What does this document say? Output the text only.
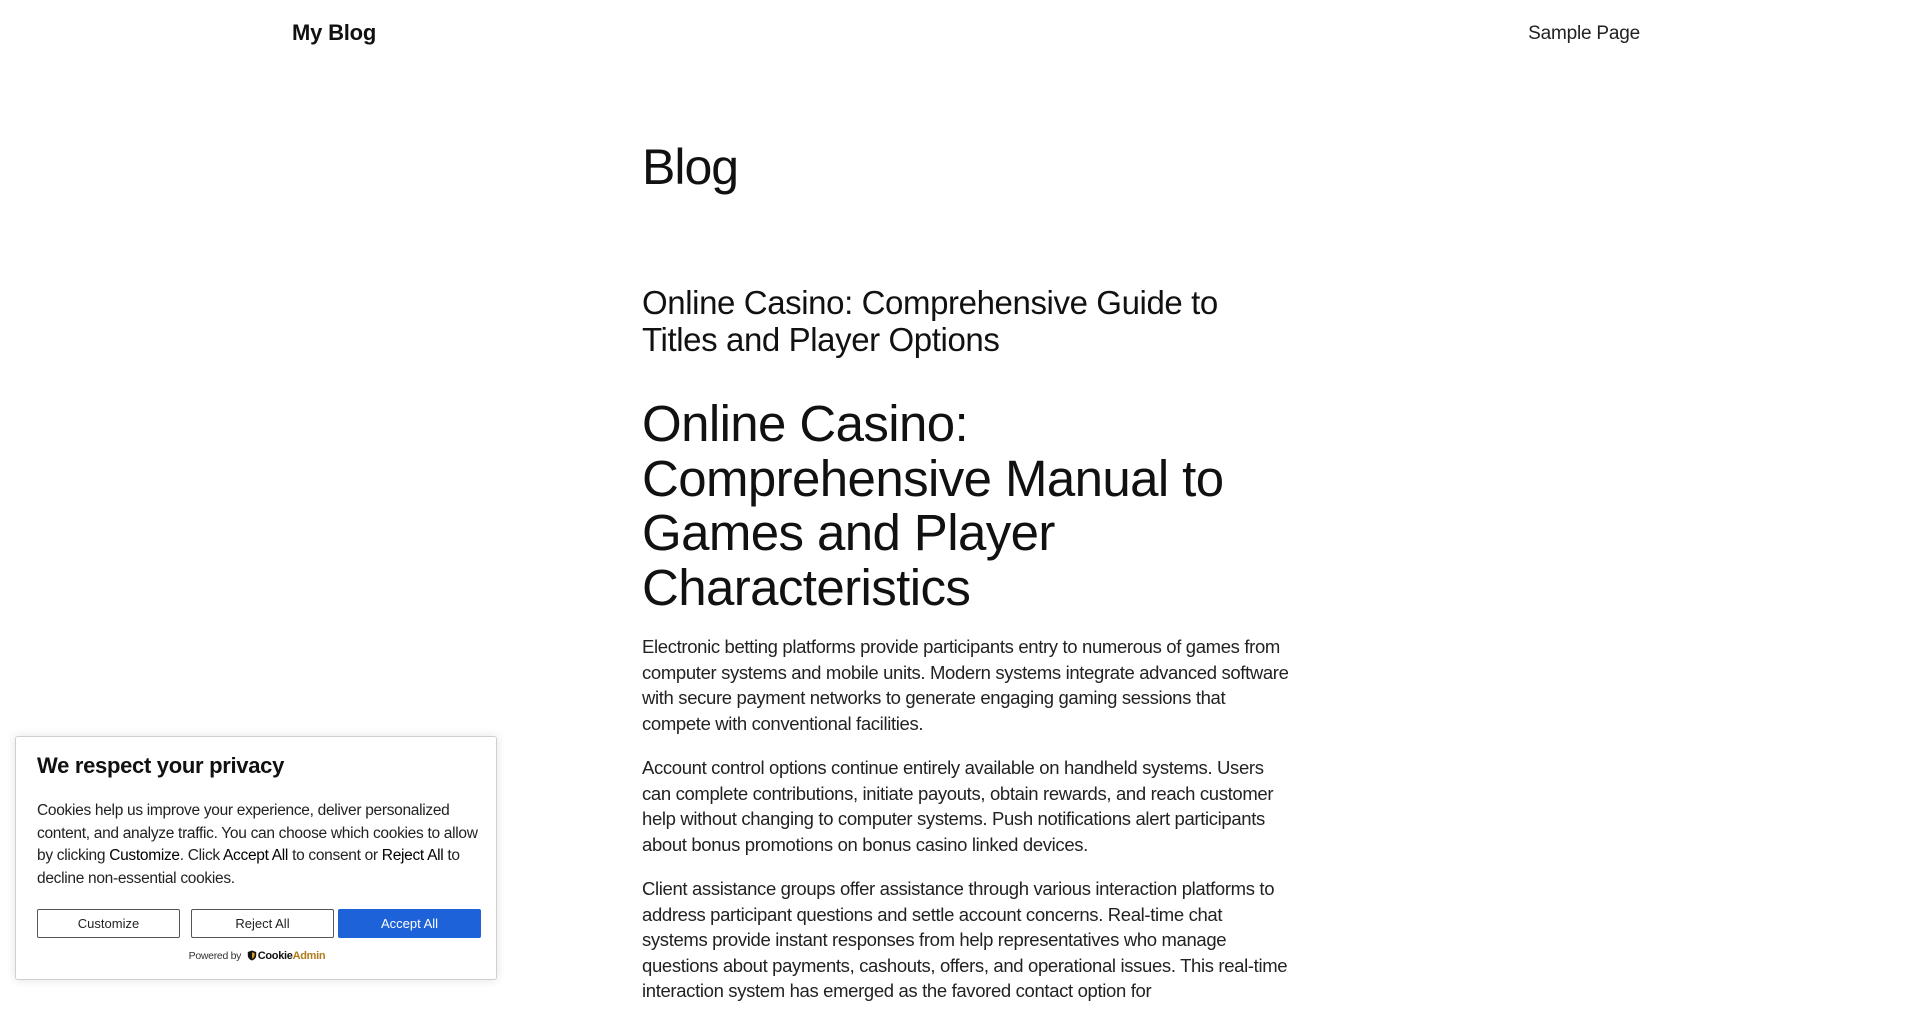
My Blog	Sample Page
Blog
Online Casino: Comprehensive Guide to Titles and Player Options
Online Casino: Comprehensive Manual to Games and Player Characteristics

Electronic betting platforms provide participants entry to numerous of games from computer systems and mobile units. Modern systems integrate advanced software with secure payment networks to generate engaging gaming sessions that compete with conventional facilities.

Account control options continue entirely available on handheld systems. Users can complete contributions, initiate payouts, obtain rewards, and reach customer help without changing to computer systems. Push notifications alert participants about bonus promotions on bonus casino linked devices.

Client assistance groups offer assistance through various interaction platforms to address participant questions and settle account concerns. Real-time chat systems provide instant responses from help representatives who manage questions about payments, cashouts, offers, and operational issues. This real-time interaction system has emerged as the favored contact option for

We respect your privacy

Cookies help us improve your experience, deliver personalized content, and analyze traffic. You can choose which cookies to allow by clicking Customize. Click Accept All to consent or Reject All to decline non-essential cookies.

Customize	Reject All	Accept All
Powered by CookieAdmin
